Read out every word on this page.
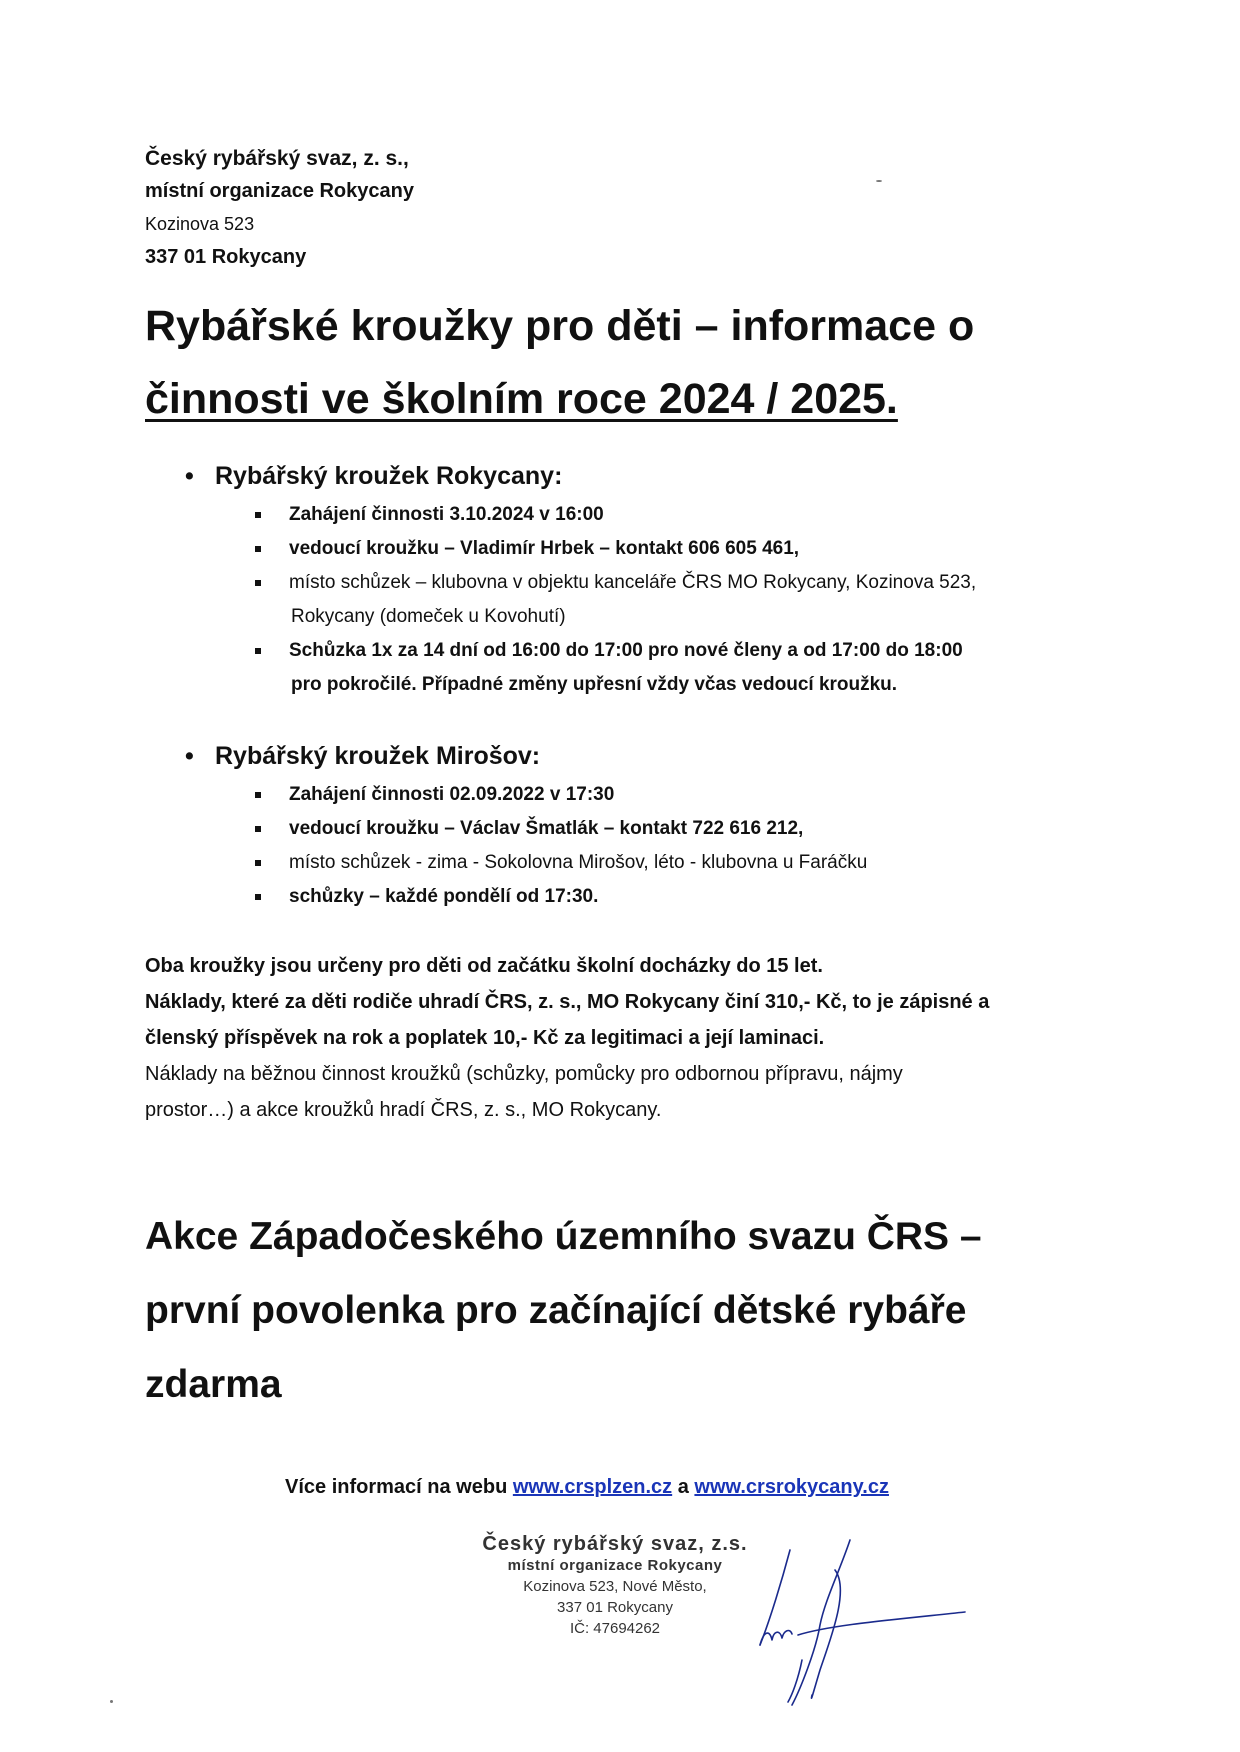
Český rybářský svaz, z. s.,
místní organizace Rokycany
Kozinova 523
337 01 Rokycany
Rybářské kroužky pro děti – informace o
činnosti ve školním roce 2024 / 2025.
• Rybářský kroužek Rokycany:
Zahájení činnosti 3.10.2024 v 16:00
vedoucí kroužku – Vladimír Hrbek – kontakt 606 605 461,
místo schůzek – klubovna v objektu kanceláře ČRS MO Rokycany, Kozinova 523,
Rokycany (domeček u Kovohutí)
Schůzka 1x za 14 dní od 16:00 do 17:00 pro nové členy a od 17:00 do 18:00
pro pokročilé. Případné změny upřesní vždy včas vedoucí kroužku.
• Rybářský kroužek Mirošov:
Zahájení činnosti 02.09.2022 v 17:30
vedoucí kroužku – Václav Šmatlák – kontakt 722 616 212,
místo schůzek - zima - Sokolovna Mirošov, léto - klubovna u Faráčku
schůzky – každé pondělí od 17:30.
Oba kroužky jsou určeny pro děti od začátku školní docházky do 15 let.
Náklady, které za děti rodiče uhradí ČRS, z. s., MO Rokycany činí 310,- Kč, to je zápisné a
členský příspěvek na rok a poplatek 10,- Kč za legitimaci a její laminaci.
Náklady na běžnou činnost kroužků (schůzky, pomůcky pro odbornou přípravu, nájmy
prostor…) a akce kroužků hradí ČRS, z. s., MO Rokycany.
Akce Západočeského územního svazu ČRS –
první povolenka pro začínající dětské rybáře
zdarma
Více informací na webu www.crsplzen.cz a www.crsrokycany.cz
Český rybářský svaz, z.s.
místní organizace Rokycany
Kozinova 523, Nové Město,
337 01 Rokycany
IČ: 47694262
